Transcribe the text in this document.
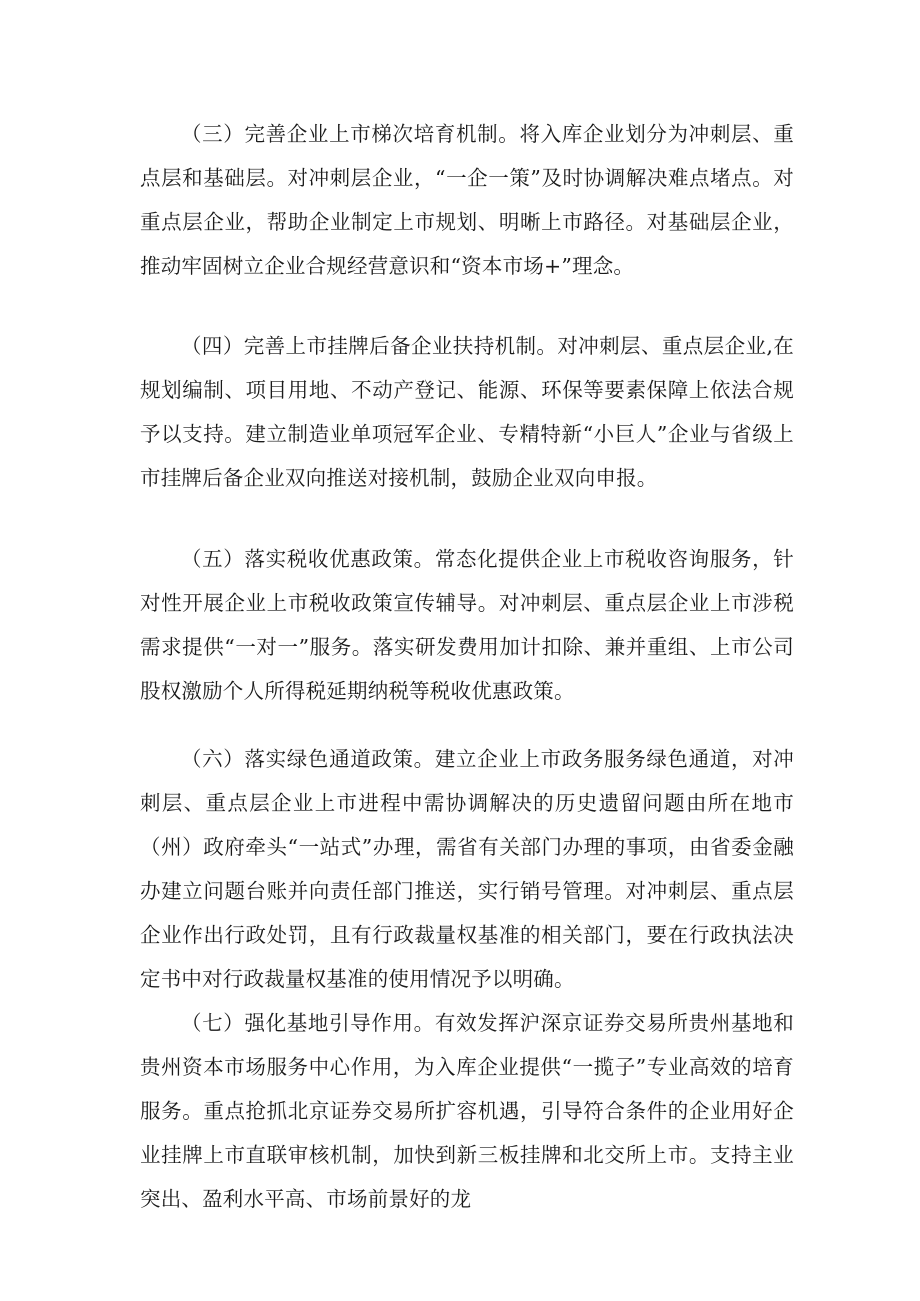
（三）完善企业上市梯次培育机制。将入库企业划分为冲刺层、重点层和基础层。对冲刺层企业，“一企一策”及时协调解决难点堵点。对重点层企业，帮助企业制定上市规划、明晰上市路径。对基础层企业，推动牢固树立企业合规经营意识和“资本市场+”理念。

（四）完善上市挂牌后备企业扶持机制。对冲刺层、重点层企业,在规划编制、项目用地、不动产登记、能源、环保等要素保障上依法合规予以支持。建立制造业单项冠军企业、专精特新“小巨人”企业与省级上市挂牌后备企业双向推送对接机制，鼓励企业双向申报。

（五）落实税收优惠政策。常态化提供企业上市税收咨询服务，针对性开展企业上市税收政策宣传辅导。对冲刺层、重点层企业上市涉税需求提供“一对一”服务。落实研发费用加计扣除、兼并重组、上市公司股权激励个人所得税延期纳税等税收优惠政策。

（六）落实绿色通道政策。建立企业上市政务服务绿色通道，对冲刺层、重点层企业上市进程中需协调解决的历史遗留问题由所在地市（州）政府牵头“一站式”办理，需省有关部门办理的事项，由省委金融办建立问题台账并向责任部门推送，实行销号管理。对冲刺层、重点层企业作出行政处罚，且有行政裁量权基准的相关部门，要在行政执法决定书中对行政裁量权基准的使用情况予以明确。

（七）强化基地引导作用。有效发挥沪深京证券交易所贵州基地和贵州资本市场服务中心作用，为入库企业提供“一揽子”专业高效的培育服务。重点抢抓北京证券交易所扩容机遇，引导符合条件的企业用好企业挂牌上市直联审核机制，加快到新三板挂牌和北交所上市。支持主业突出、盈利水平高、市场前景好的龙
